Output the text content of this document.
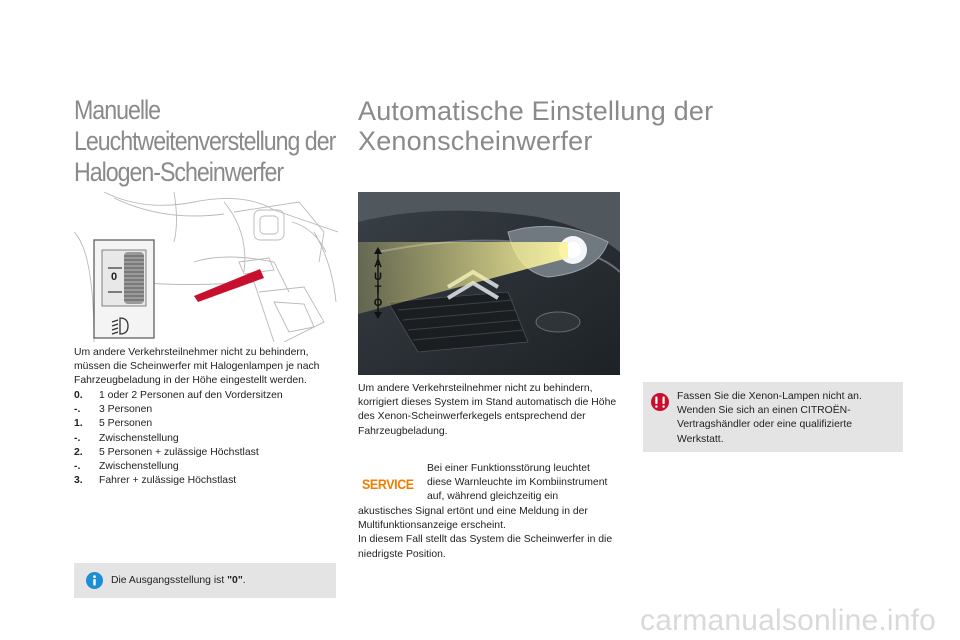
Manuelle
Leuchtweitenverstellung der
Halogen-Scheinwerfer
0
Um andere Verkehrsteilnehmer nicht zu behindern, müssen die Scheinwerfer mit Halogenlampen je nach Fahrzeugbeladung in der Höhe eingestellt werden.
0.	1 oder 2 Personen auf den Vordersitzen
-.	3 Personen
1.	5 Personen
-.	Zwischenstellung
2.	5 Personen + zulässige Höchstlast
-.	Zwischenstellung
3.	Fahrer + zulässige Höchstlast
Die Ausgangsstellung ist "0".
Automatische Einstellung der
Xenonscheinwerfer
A
U
T
O
Um andere Verkehrsteilnehmer nicht zu behindern, korrigiert dieses System im Stand automatisch die Höhe des Xenon-Scheinwerferkegels entsprechend der Fahrzeugbeladung.
SERVICE
Bei einer Funktionsstörung leuchtet
diese Warnleuchte im Kombiinstrument
auf, während gleichzeitig ein
akustisches Signal ertönt und eine Meldung in der Multifunktionsanzeige erscheint.
In diesem Fall stellt das System die Scheinwerfer in die niedrigste Position.
Fassen Sie die Xenon-Lampen nicht an. Wenden Sie sich an einen CITROËN-Vertragshändler oder eine qualifizierte Werkstatt.
carmanualsonline.info
